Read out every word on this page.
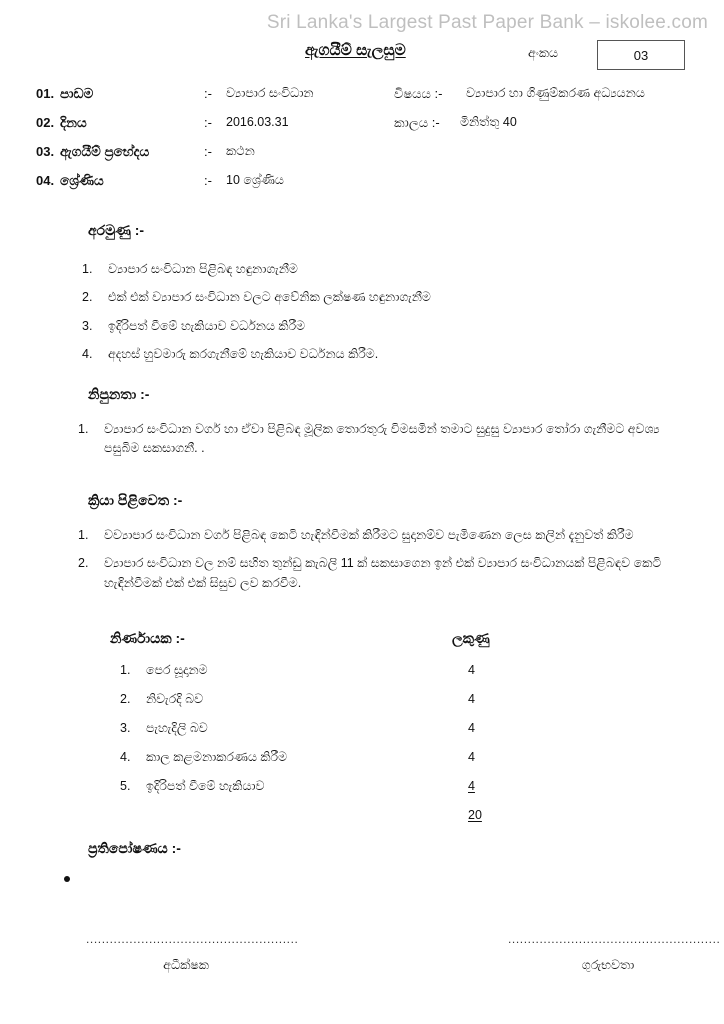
Sri Lanka's Largest Past Paper Bank – iskolee.com
ඇගයීම් සැලසුම	අංකය	03
01. පාඩම	:- ව්‍යාපාර සංවිධාන	විෂයය :- ව්‍යාපාර හා ගිණුම්කරණ අධ්‍යයනය
02. දිනය	:- 2016.03.31	කාලය :- මිනිත්තු 40
03. ඇගයීම් ප්‍රභේදය	:- කථන
04. ශ්‍රේණිය	:- 10 ශ්‍රේණිය
අරමුණු :-
1.	ව්‍යාපාර සංවිධාන පිළිබඳ හඳුනාගැනීම
2.	එක් එක් ව්‍යාපාර සංවිධාන වලට අවේනික ලක්ෂණ හඳුනාගැනීම
3.	ඉදිරිපත් වීමේ හැකියාව වර්ධනය කිරීම
4.	අදහස් හුවමාරු කරගැනීමේ හැකියාව වර්ධනය කිරීම.
නිපුනතා :-
1.	ව්‍යාපාර සංවිධාන වර්ග හා ඒවා පිළිබඳ මූලික තොරතුරු විමසමින් තමාට සුදුසු ව්‍යාපාර තෝරා ගැනීමට අවශ්‍ය පසුබිම සකසාගනී. .
ක්‍රියා පිළිවෙත :-
1.	වව්‍යාපාර සංවිධාන වර්ග පිළිබඳ කෙටි හැඳින්වීමක් කිරීමට සුදානම්ව පැමිණෙන ලෙස කලින් දැනුවත් කිරීම
2.	ව්‍යාපාර සංවිධාන වල නම් සහිත තුන්ඩු කැබලි 11 ක් සකසාගෙන ඉන් එක් ව්‍යාපාර සංවිධානයක් පිළිබඳව කෙටි හැඳින්වීමක් එක් එක් සිසුව ලව කරවීම.
නිර්ණායක :-	ලකුණු
1.	පෙර සූදානම	4
2.	නිවැරදි බව	4
3.	පැහැදිලි බව	4
4.	කාල කළමනාකරණය කිරීම	4
5.	ඉදිරිපත් වීමේ හැකියාව	4
20
ප්‍රතිපෝෂණය :-
......................................................
අධීක්ෂක
......................................................
ගුරුභවතා
